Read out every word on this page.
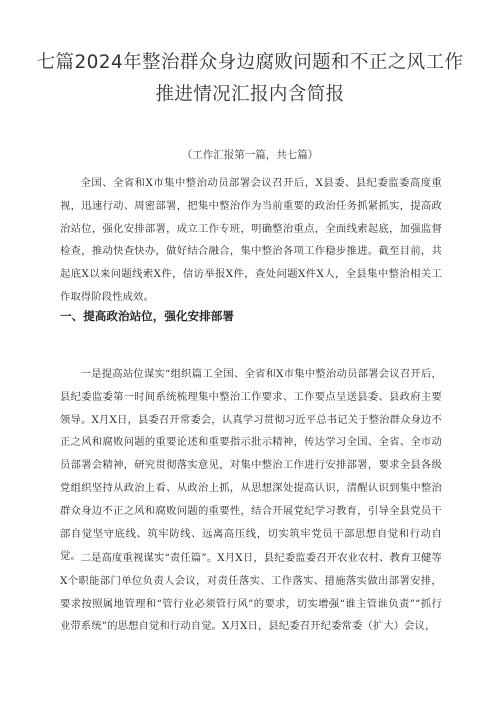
七篇2024年整治群众身边腐败问题和不正之风工作
推进情况汇报内含简报
（工作汇报第一篇，共七篇）

全国、全省和X市集中整治动员部署会议召开后，X县委、县纪委监委高度重视，迅速行动、周密部署，把集中整治作为当前重要的政治任务抓紧抓实，提高政治站位，强化安排部署，成立工作专班，明确整治重点，全面线索起底，加强监督检查，推动快查快办，做好结合融合，集中整治各项工作稳步推进。截至目前，共起底X以来问题线索X件，信访举报X件，查处问题X件X人，全县集中整治相关工作取得阶段性成效。

一、提高政治站位，强化安排部署

一是提高站位谋实“组织篇工全国、全省和X市集中整治动员部署会议召开后，县纪委监委第一时间系统梳理集中整治工作要求、工作要点呈送县委、县政府主要领导。X月X日，县委召开常委会，认真学习贯彻习近平总书记关于整治群众身边不正之风和腐败问题的重要论述和重要指示批示精神，传达学习全国、全省、全市动员部署会精神，研究贯彻落实意见，对集中整治工作进行安排部署，要求全县各级党组织坚持从政治上看、从政治上抓，从思想深处提高认识，清醒认识到集中整治群众身边不正之风和腐败问题的重要性，结合开展党纪学习教育，引导全县党员干部自觉坚守底线、筑牢防线、远离高压线，切实筑牢党员干部思想自觉和行动自觉。 二是高度重视谋实“责任篇”。X月X日，县纪委监委召开农业农村、教育卫健等X个职能部门单位负责人会议，对责任落实、工作落实、措施落实做出部署安排，要求按照属地管理和“管行业必须管行风”的要求，切实增强“谁主管谁负责”“抓行业带系统”的思想自觉和行动自觉。X月X日，县纪委召开纪委常委（扩大）会议，
